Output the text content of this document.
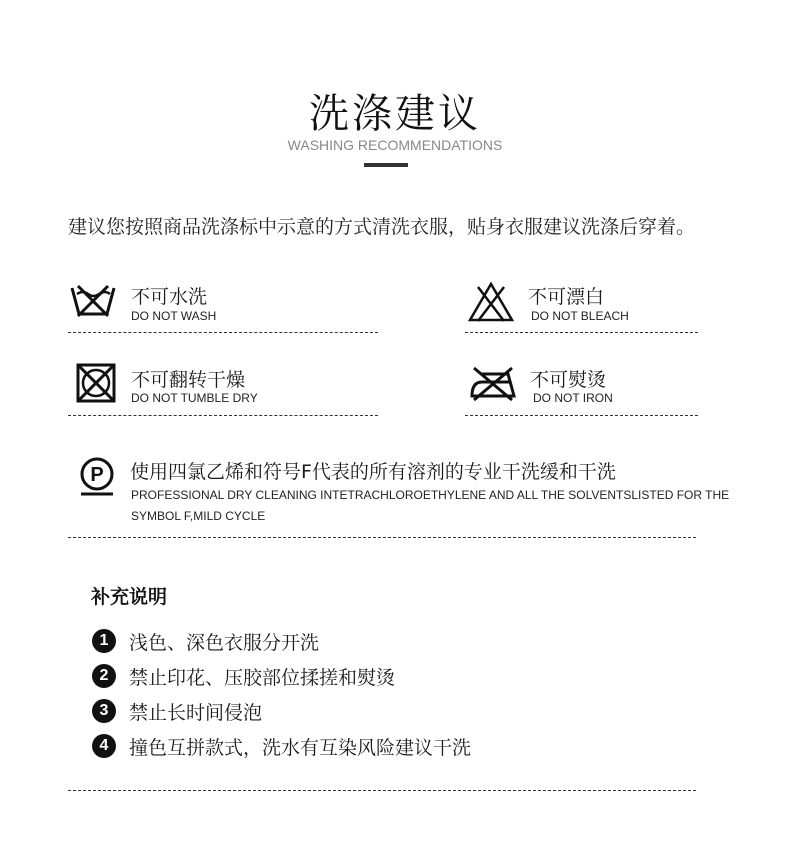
洗涤建议
WASHING RECOMMENDATIONS
建议您按照商品洗涤标中示意的方式清洗衣服，贴身衣服建议洗涤后穿着。
不可水洗
DO NOT WASH
不可漂白
DO NOT BLEACH
不可翻转干燥
DO NOT TUMBLE DRY
不可熨烫
DO NOT IRON
P 使用四氯乙烯和符号F代表的所有溶剂的专业干洗缓和干洗
PROFESSIONAL DRY CLEANING INTETRACHLOROETHYLENE AND ALL THE SOLVENTSLISTED FOR THE
SYMBOL F,MILD CYCLE
补充说明
1	浅色、深色衣服分开洗
2	禁止印花、压胶部位揉搓和熨烫
3	禁止长时间侵泡
4	撞色互拼款式，洗水有互染风险建议干洗
